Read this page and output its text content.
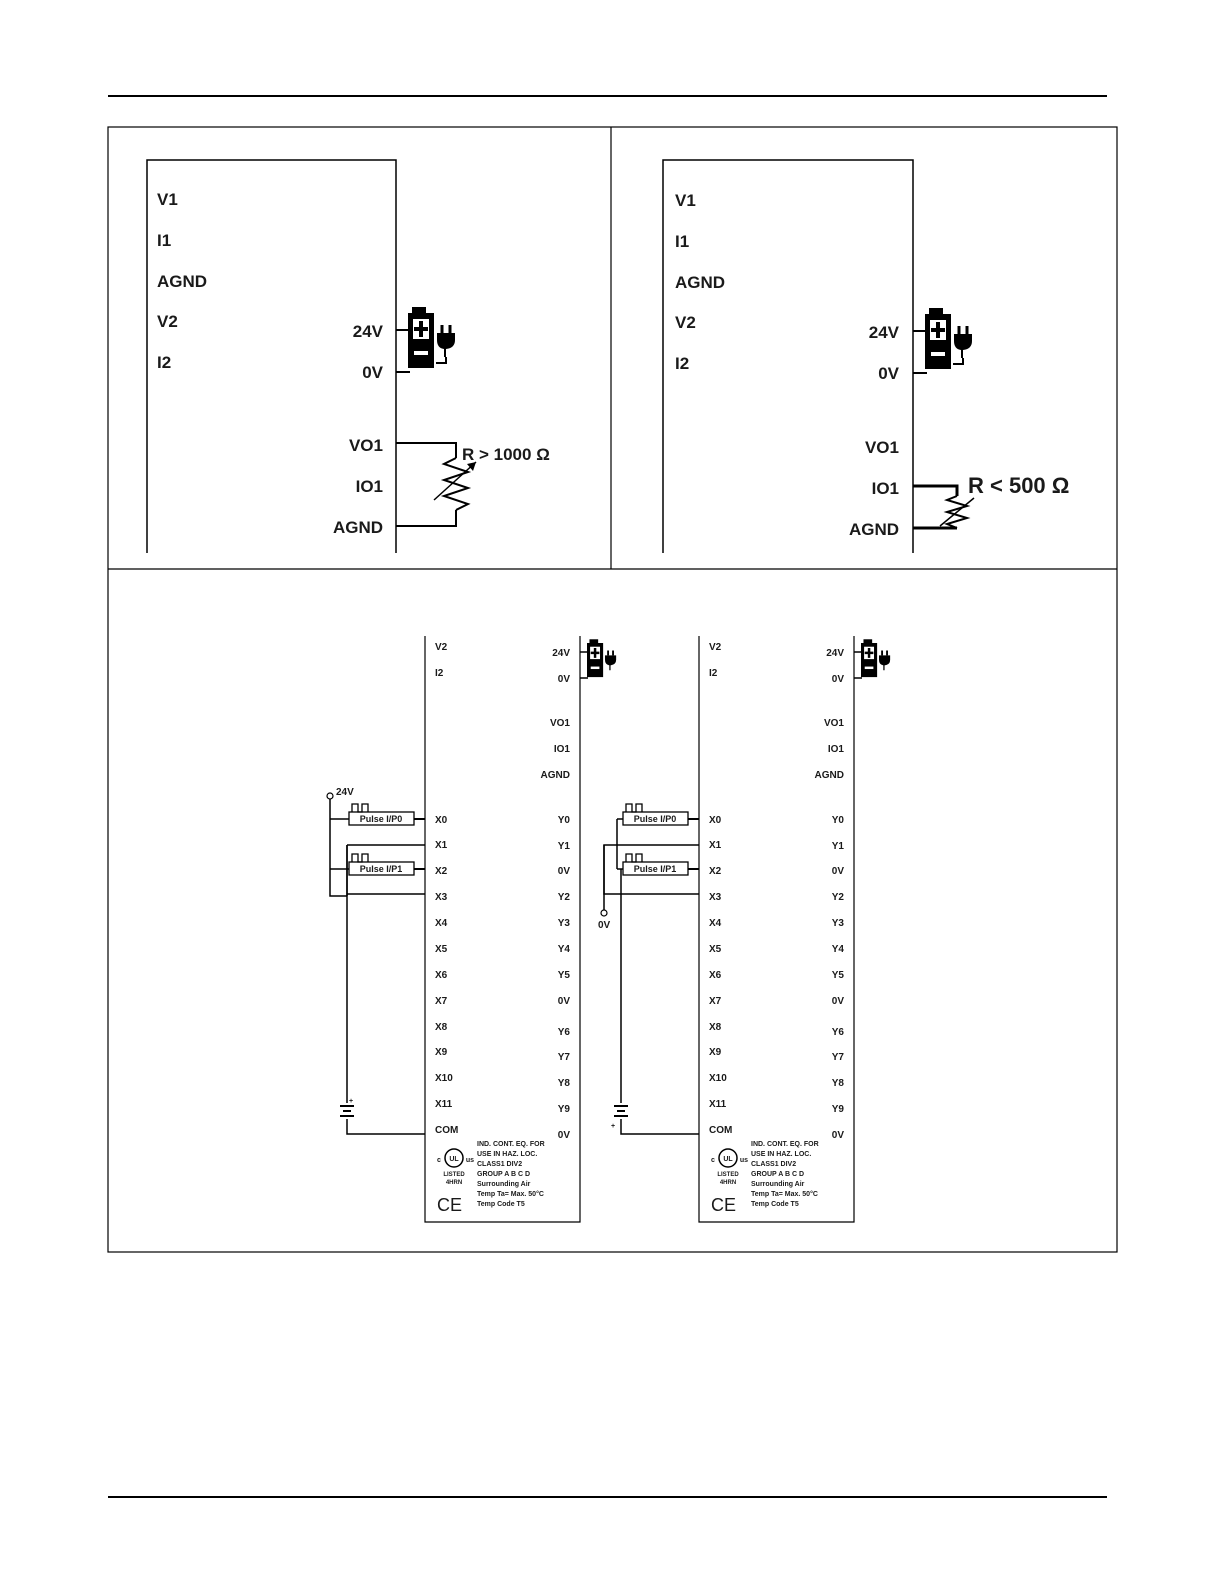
V1
I1
AGND
V2
I2
24V
0V
VO1
IO1
AGND
R > 1000 Ω
V1
I1
AGND
V2
I2
24V
0V
VO1
IO1
AGND
R < 500 Ω
V2
I2
X0
X1
X2
X3
X4
X5
X6
X7
X8
X9
X10
X11
COM
24V
0V
VO1
IO1
AGND
Y0
Y1
0V
Y2
Y3
Y4
Y5
0V
Y6
Y7
Y8
Y9
0V
UL
c	us
LISTED
4HRN
CE
IND. CONT. EQ. FOR
USE IN HAZ. LOC.
CLASS1 DIV2
GROUP A B C D
Surrounding Air
Temp Ta= Max. 50°C
Temp Code T5
Pulse I/P0
Pulse I/P1
24V
+
V2
I2
X0
X1
X2
X3
X4
X5
X6
X7
X8
X9
X10
X11
COM
24V
0V
VO1
IO1
AGND
Y0
Y1
0V
Y2
Y3
Y4
Y5
0V
Y6
Y7
Y8
Y9
0V
UL
c	us
LISTED
4HRN
CE
IND. CONT. EQ. FOR
USE IN HAZ. LOC.
CLASS1 DIV2
GROUP A B C D
Surrounding Air
Temp Ta= Max. 50°C
Temp Code T5
Pulse I/P0
Pulse I/P1
0V
+
